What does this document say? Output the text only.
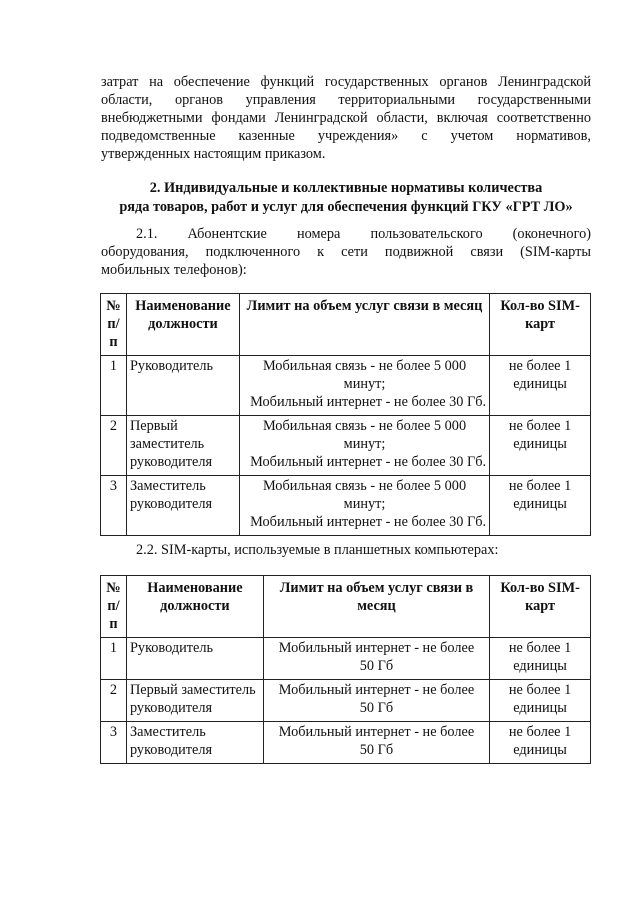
затрат на обеспечение функций государственных органов Ленинградской
области, органов управления территориальными государственными
внебюджетными фондами Ленинградской области, включая соответственно
подведомственные казенные учреждения» с учетом нормативов,
утвержденных настоящим приказом.
2. Индивидуальные и коллективные нормативы количества
ряда товаров, работ и услуг для обеспечения функций ГКУ «ГРТ ЛО»
2.1. Абонентские номера пользовательского (оконечного)
оборудования, подключенного к сети подвижной связи (SIM-карты
мобильных телефонов):
№
п/п	Наименование
должности	Лимит на объем услуг связи в месяц	Кол-во SIM-
карт

1	Руководитель	Мобильная связь - не более 5 000
минут;
Мобильный интернет - не более 30 Гб.	не более 1
единицы

2	Первый
заместитель
руководителя	Мобильная связь - не более 5 000
минут;
Мобильный интернет - не более 30 Гб.	не более 1
единицы

3	Заместитель
руководителя	Мобильная связь - не более 5 000
минут;
Мобильный интернет - не более 30 Гб.	не более 1
единицы
2.2. SIM-карты, используемые в планшетных компьютерах:
№
п/п	Наименование
должности	Лимит на объем услуг связи в
месяц	Кол-во SIM-
карт

1	Руководитель	Мобильный интернет - не более
50 Гб	не более 1
единицы

2	Первый заместитель
руководителя	Мобильный интернет - не более
50 Гб	не более 1
единицы

3	Заместитель
руководителя	Мобильный интернет - не более
50 Гб	не более 1
единицы
